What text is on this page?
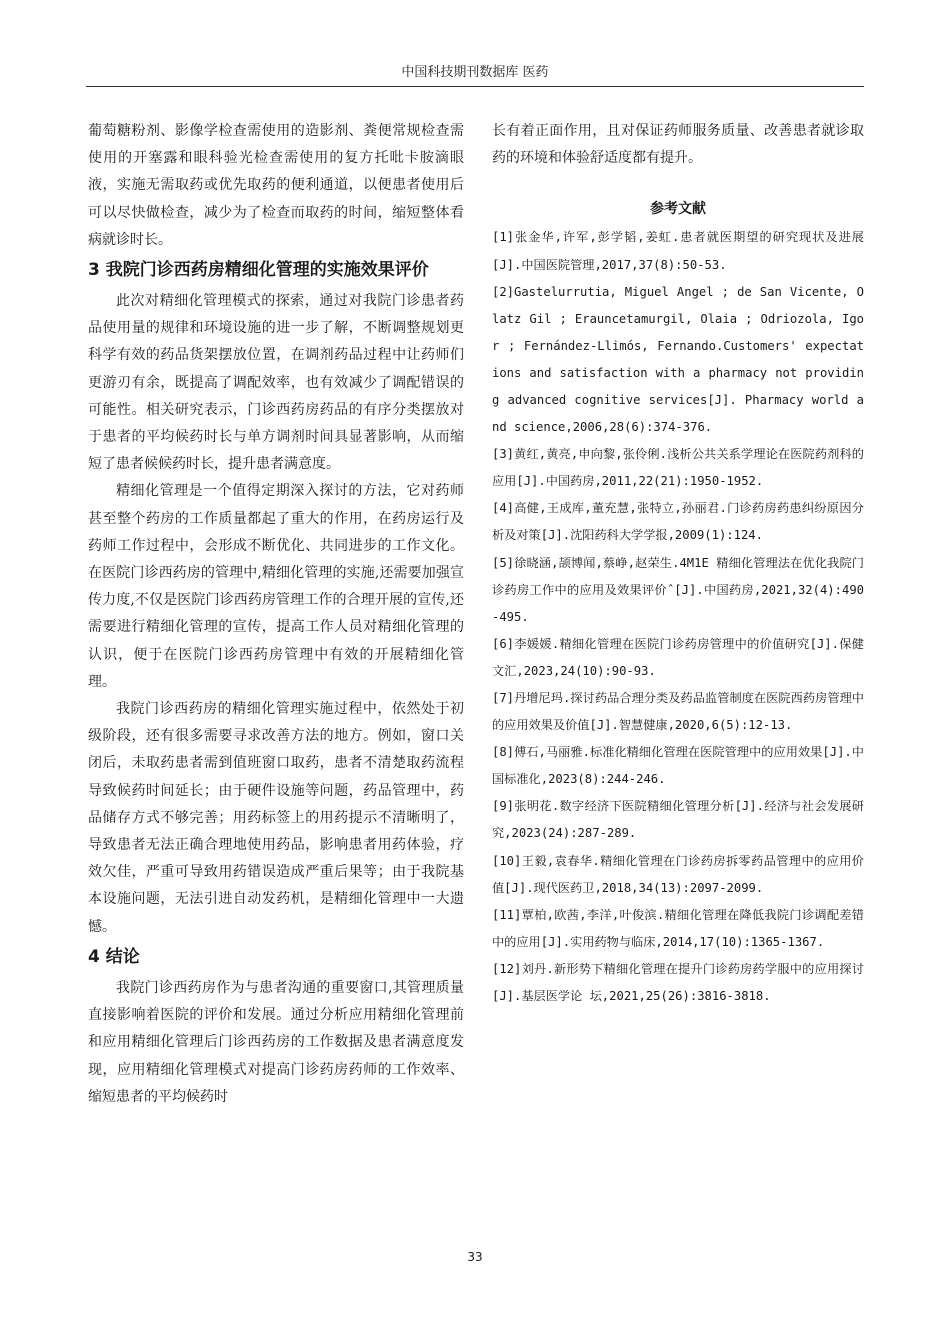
中国科技期刊数据库 医药

葡萄糖粉剂、影像学检查需使用的造影剂、粪便常规检查需使用的开塞露和眼科验光检查需使用的复方托吡卡胺滴眼液，实施无需取药或优先取药的便利通道，以便患者使用后可以尽快做检查，减少为了检查而取药的时间，缩短整体看病就诊时长。

3 我院门诊西药房精细化管理的实施效果评价

此次对精细化管理模式的探索，通过对我院门诊患者药品使用量的规律和环境设施的进一步了解，不断调整规划更科学有效的药品货架摆放位置，在调剂药品过程中让药师们更游刃有余，既提高了调配效率，也有效减少了调配错误的可能性。相关研究表示，门诊西药房药品的有序分类摆放对于患者的平均候药时长与单方调剂时间具显著影响，从而缩短了患者候候药时长，提升患者满意度。

精细化管理是一个值得定期深入探讨的方法，它对药师甚至整个药房的工作质量都起了重大的作用，在药房运行及药师工作过程中，会形成不断优化、共同进步的工作文化。在医院门诊西药房的管理中,精细化管理的实施,还需要加强宣传力度,不仅是医院门诊西药房管理工作的合理开展的宣传,还需要进行精细化管理的宣传，提高工作人员对精细化管理的认识，便于在医院门诊西药房管理中有效的开展精细化管理。

我院门诊西药房的精细化管理实施过程中，依然处于初级阶段，还有很多需要寻求改善方法的地方。例如，窗口关闭后，未取药患者需到值班窗口取药，患者不清楚取药流程导致候药时间延长；由于硬件设施等问题，药品管理中，药品储存方式不够完善；用药标签上的用药提示不清晰明了，导致患者无法正确合理地使用药品，影响患者用药体验，疗效欠佳，严重可导致用药错误造成严重后果等；由于我院基本设施问题，无法引进自动发药机，是精细化管理中一大遗憾。

4 结论

我院门诊西药房作为与患者沟通的重要窗口,其管理质量直接影响着医院的评价和发展。通过分析应用精细化管理前和应用精细化管理后门诊西药房的工作数据及患者满意度发现，应用精细化管理模式对提高门诊药房药师的工作效率、缩短患者的平均候药时

长有着正面作用，且对保证药师服务质量、改善患者就诊取药的环境和体验舒适度都有提升。

参考文献

[1]张金华,许军,彭学韬,姜虹.患者就医期望的研究现状及进展[J].中国医院管理,2017,37(8):50-53.

[2]Gastelurrutia, Miguel Angel ; de San Vicente, Olatz Gil ; Erauncetamurgil, Olaia ; Odriozola, Igor ; Fernández-Llimós, Fernando.Customers' expectations and satisfaction with a pharmacy not providing advanced cognitive services[J]. Pharmacy world and science,2006,28(6):374-376.

[3]黄红,黄亮,申向黎,张伶俐.浅析公共关系学理论在医院药剂科的应用[J].中国药房,2011,22(21):1950-1952.

[4]高健,王成库,董充慧,张特立,孙丽君.门诊药房药患纠纷原因分析及对策[J].沈阳药科大学学报,2009(1):124.

[5]徐晓涵,颉博闻,蔡峥,赵荣生.4M1E 精细化管理法在优化我院门诊药房工作中的应用及效果评价ˆ[J].中国药房,2021,32(4):490-495.

[6]李媛媛.精细化管理在医院门诊药房管理中的价值研究[J].保健文汇,2023,24(10):90-93.

[7]丹增尼玛.探讨药品合理分类及药品监管制度在医院西药房管理中的应用效果及价值[J].智慧健康,2020,6(5):12-13.

[8]傅石,马丽雅.标准化精细化管理在医院管理中的应用效果[J].中国标准化,2023(8):244-246.

[9]张明花.数字经济下医院精细化管理分析[J].经济与社会发展研究,2023(24):287-289.

[10]王毅,袁春华.精细化管理在门诊药房拆零药品管理中的应用价值[J].现代医药卫,2018,34(13):2097-2099.

[11]覃柏,欧茜,李洋,叶俊滨.精细化管理在降低我院门诊调配差错中的应用[J].实用药物与临床,2014,17(10):1365-1367.

[12]刘丹.新形势下精细化管理在提升门诊药房药学服中的应用探讨[J].基层医学论 坛,2021,25(26):3816-3818.

33
